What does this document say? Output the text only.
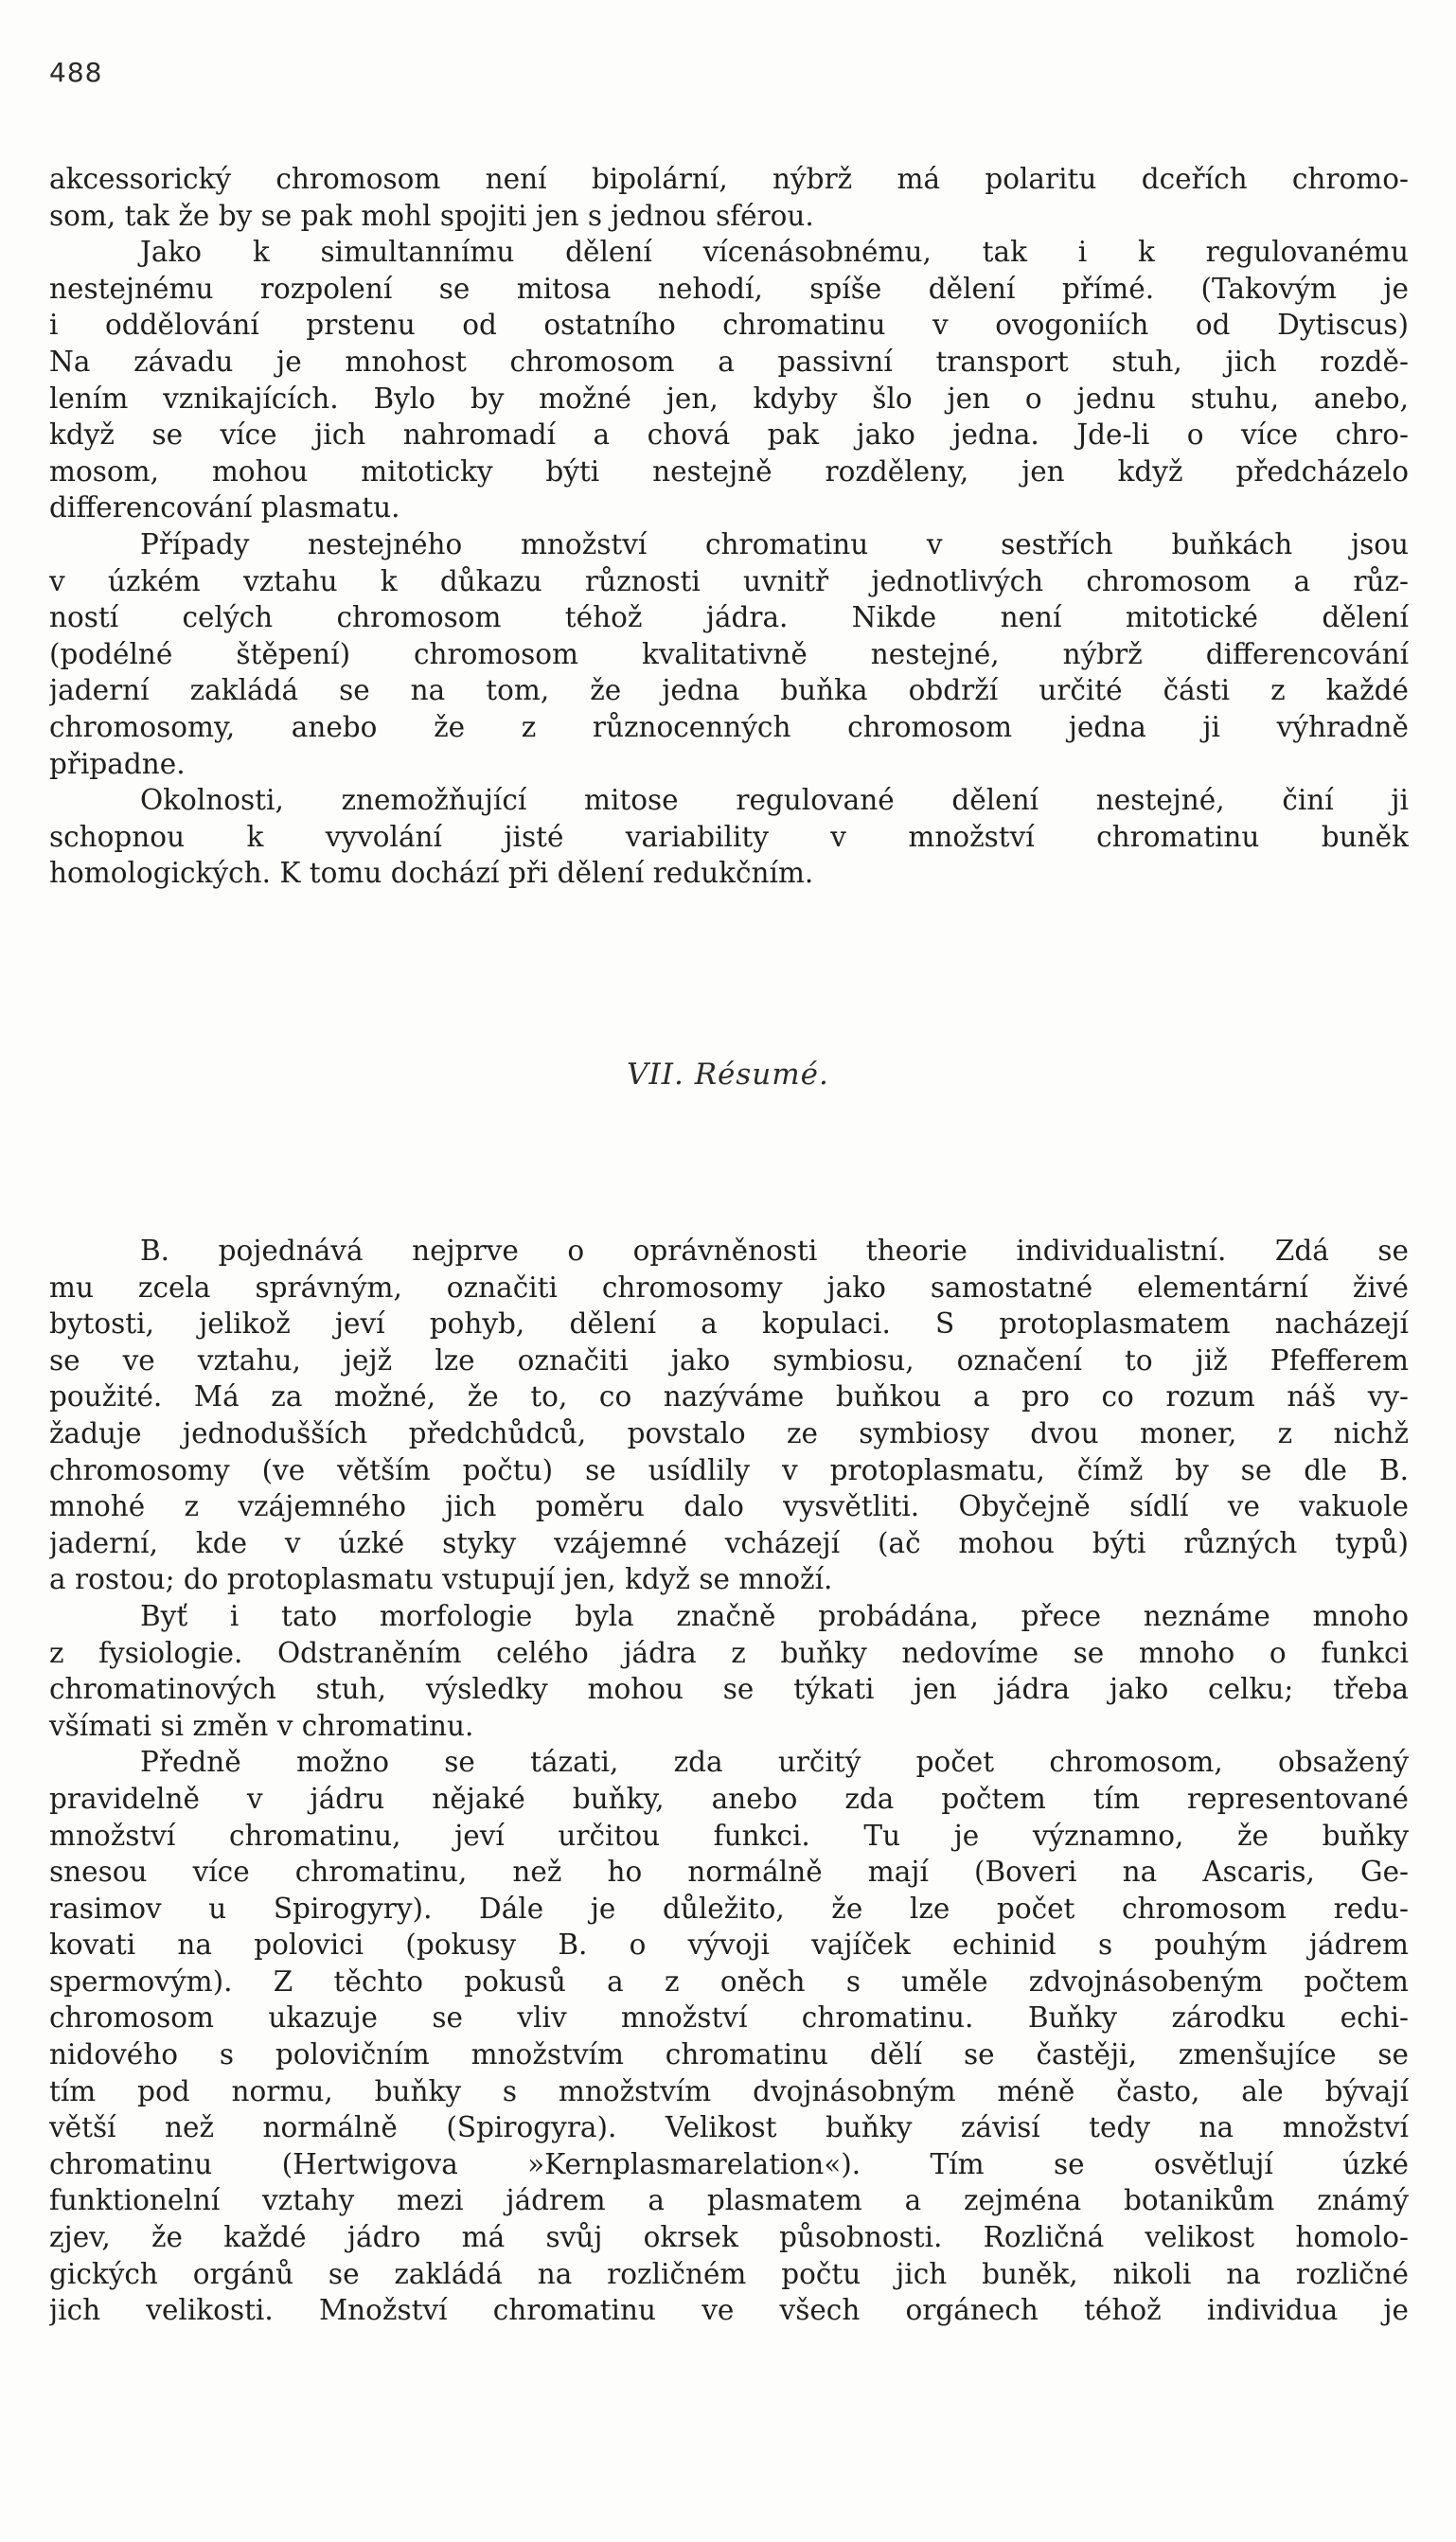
488
akcessorický chromosom není bipolární, nýbrž má polaritu dceřích chromo-
som, tak že by se pak mohl spojiti jen s jednou sférou.
Jako k simultannímu dělení vícenásobnému, tak i k regulovanému
nestejnému rozpolení se mitosa nehodí, spíše dělení přímé. (Takovým je
i oddělování prstenu od ostatního chromatinu v ovogoniích od Dytiscus)
Na závadu je mnohost chromosom a passivní transport stuh, jich rozdě-
lením vznikajících. Bylo by možné jen, kdyby šlo jen o jednu stuhu, anebo,
když se více jich nahromadí a chová pak jako jedna. Jde-li o více chro-
mosom, mohou mitoticky býti nestejně rozděleny, jen když předcházelo
differencování plasmatu.
Případy nestejného množství chromatinu v sestřích buňkách jsou
v úzkém vztahu k důkazu různosti uvnitř jednotlivých chromosom a růz-
ností celých chromosom téhož jádra. Nikde není mitotické dělení
(podélné štěpení) chromosom kvalitativně nestejné, nýbrž differencování
jaderní zakládá se na tom, že jedna buňka obdrží určité části z každé
chromosomy, anebo že z různocenných chromosom jedna ji výhradně
připadne.
Okolnosti, znemožňující mitose regulované dělení nestejné, činí ji
schopnou k vyvolání jisté variability v množství chromatinu buněk
homologických. K tomu dochází při dělení redukčním.
VII. Résumé.
B. pojednává nejprve o oprávněnosti theorie individualistní. Zdá se
mu zcela správným, označiti chromosomy jako samostatné elementární živé
bytosti, jelikož jeví pohyb, dělení a kopulaci. S protoplasmatem nacházejí
se ve vztahu, jejž lze označiti jako symbiosu, označení to již Pfefferem
použité. Má za možné, že to, co nazýváme buňkou a pro co rozum náš vy-
žaduje jednodušších předchůdců, povstalo ze symbiosy dvou moner, z nichž
chromosomy (ve větším počtu) se usídlily v protoplasmatu, čímž by se dle B.
mnohé z vzájemného jich poměru dalo vysvětliti. Obyčejně sídlí ve vakuole
jaderní, kde v úzké styky vzájemné vcházejí (ač mohou býti různých typů)
a rostou; do protoplasmatu vstupují jen, když se množí.
Byť i tato morfologie byla značně probádána, přece neznáme mnoho
z fysiologie. Odstraněním celého jádra z buňky nedovíme se mnoho o funkci
chromatinových stuh, výsledky mohou se týkati jen jádra jako celku; třeba
všímati si změn v chromatinu.
Předně možno se tázati, zda určitý počet chromosom, obsažený
pravidelně v jádru nějaké buňky, anebo zda počtem tím representované
množství chromatinu, jeví určitou funkci. Tu je významno, že buňky
snesou více chromatinu, než ho normálně mají (Boveri na Ascaris, Ge-
rasimov u Spirogyry). Dále je důležito, že lze počet chromosom redu-
kovati na polovici (pokusy B. o vývoji vajíček echinid s pouhým jádrem
spermovým). Z těchto pokusů a z oněch s uměle zdvojnásobeným počtem
chromosom ukazuje se vliv množství chromatinu. Buňky zárodku echi-
nidového s polovičním množstvím chromatinu dělí se častěji, zmenšujíce se
tím pod normu, buňky s množstvím dvojnásobným méně často, ale bývají
větší než normálně (Spirogyra). Velikost buňky závisí tedy na množství
chromatinu (Hertwigova »Kernplasmarelation«). Tím se osvětlují úzké
funktionelní vztahy mezi jádrem a plasmatem a zejména botanikům známý
zjev, že každé jádro má svůj okrsek působnosti. Rozličná velikost homolo-
gických orgánů se zakládá na rozličném počtu jich buněk, nikoli na rozličné
jich velikosti. Množství chromatinu ve všech orgánech téhož individua je
